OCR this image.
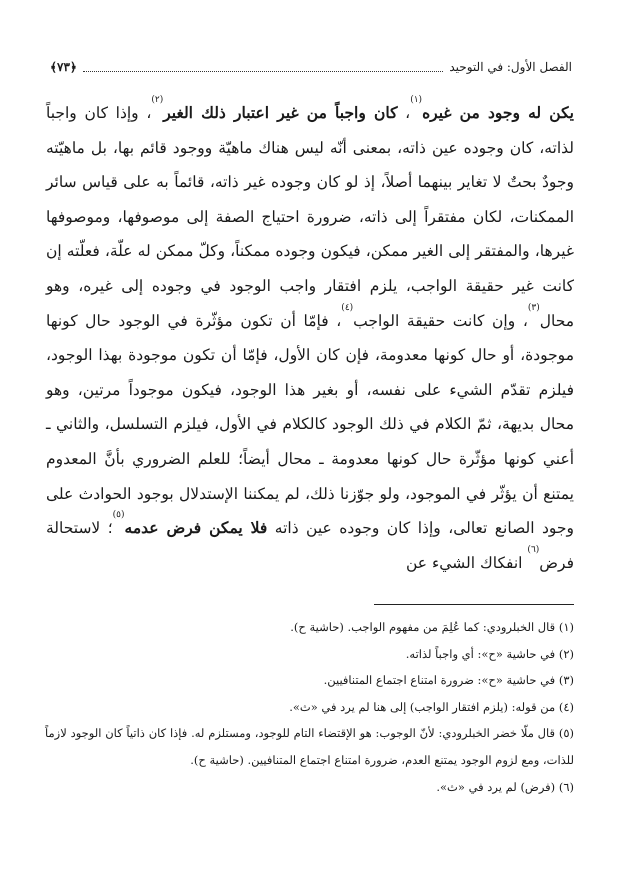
الفصل الأول: في التوحيد
﴿٧٣﴾

يكن له وجود من غيره$^{(١)}$، كان واجباً من غير اعتبار ذلك الغير$^{(٢)}$، وإذا كان واجباً لذاته، كان وجوده عين ذاته، بمعنى أنّه ليس هناك ماهيّة ووجود قائم بها، بل ماهيّته وجودٌ بحتٌ لا تغاير بينهما أصلاً، إذ لو كان وجوده غير ذاته، قائماً به على قياس سائر الممكنات، لكان مفتقراً إلى ذاته، ضرورة احتياج الصفة إلى موصوفها، وموصوفها غيرها، والمفتقر إلى الغير ممكن، فيكون وجوده ممكناً، وكلّ ممكن له علّة، فعلّته إن كانت غير حقيقة الواجب، يلزم افتقار واجب الوجود في وجوده إلى غيره، وهو محال$^{(٣)}$، وإن كانت حقيقة الواجب$^{(٤)}$، فإمّا أن تكون مؤثّرة في الوجود حال كونها موجودة، أو حال كونها معدومة، فإن كان الأول، فإمّا أن تكون موجودة بهذا الوجود، فيلزم تقدّم الشيء على نفسه، أو بغير هذا الوجود، فيكون موجوداً مرتين، وهو محال بديهة، ثمّ الكلام في ذلك الوجود كالكلام في الأول، فيلزم التسلسل، والثاني ـ أعني كونها مؤثّرة حال كونها معدومة ـ محال أيضاً؛ للعلم الضروري بأنَّ المعدوم يمتنع أن يؤثّر في الموجود، ولو جوّزنا ذلك، لم يمكننا الإستدلال بوجود الحوادث على وجود الصانع تعالى، وإذا كان وجوده عين ذاته فلا يمكن فرض عدمه$^{(٥)}$؛ لاستحالة فرض$^{(٦)}$ انفكاك الشيء عن

(١) قال الخبلرودي: كما عُلِمَ من مفهوم الواجب. (حاشية ح).

(٢) في حاشية «ح»: أي واجباً لذاته.

(٣) في حاشية «ح»: ضرورة امتناع اجتماع المتنافيين.

(٤) من قوله: (يلزم افتقار الواجب) إلى هنا لم يرد في «ث».

(٥) قال ملّا خضر الخبلرودي: لأنّ الوجوب: هو الإقتضاء التام للوجود، ومستلزم له. فإذا كان ذاتياً كان الوجود لازماً للذات، ومع لزوم الوجود يمتنع العدم، ضرورة امتناع اجتماع المتنافيين. (حاشية ح).

(٦) (فرض) لم يرد في «ث».
